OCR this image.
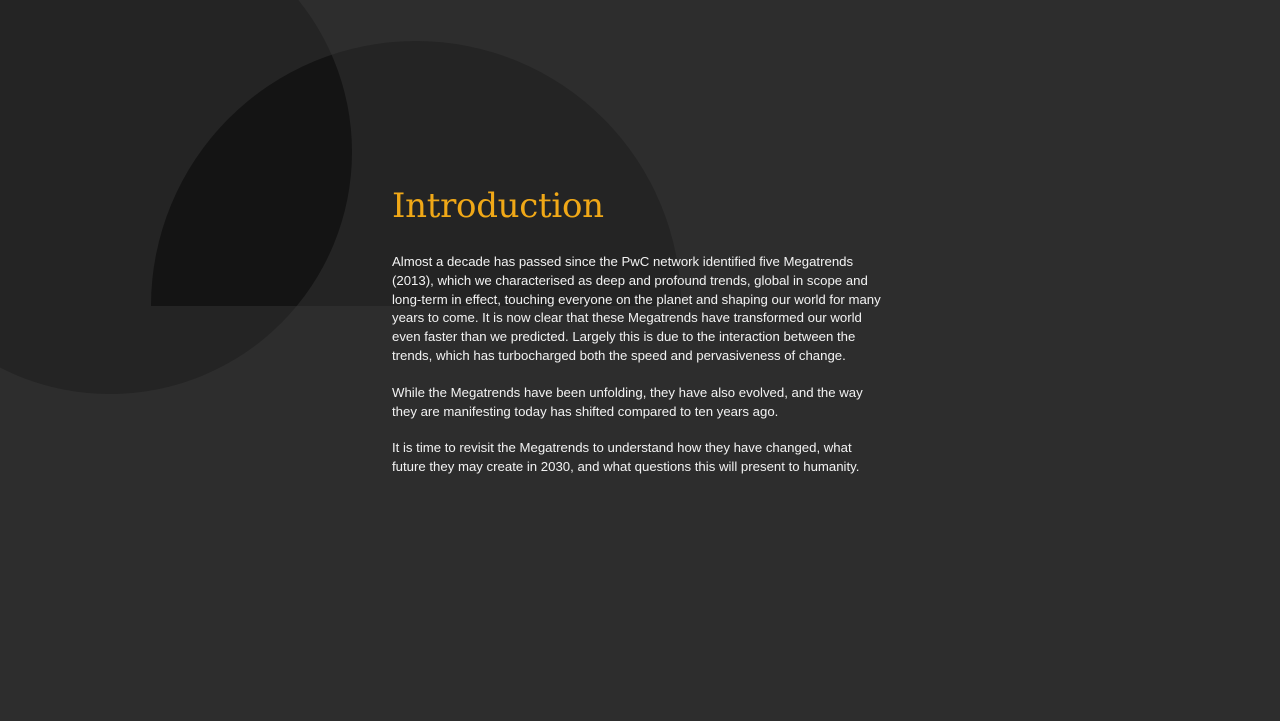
Introduction

Almost a decade has passed since the PwC network identified five Megatrends (2013), which we characterised as deep and profound trends, global in scope and long-term in effect, touching everyone on the planet and shaping our world for many years to come. It is now clear that these Megatrends have transformed our world even faster than we predicted. Largely this is due to the interaction between the trends, which has turbocharged both the speed and pervasiveness of change.

While the Megatrends have been unfolding, they have also evolved, and the way they are manifesting today has shifted compared to ten years ago.

It is time to revisit the Megatrends to understand how they have changed, what future they may create in 2030, and what questions this will present to humanity.
